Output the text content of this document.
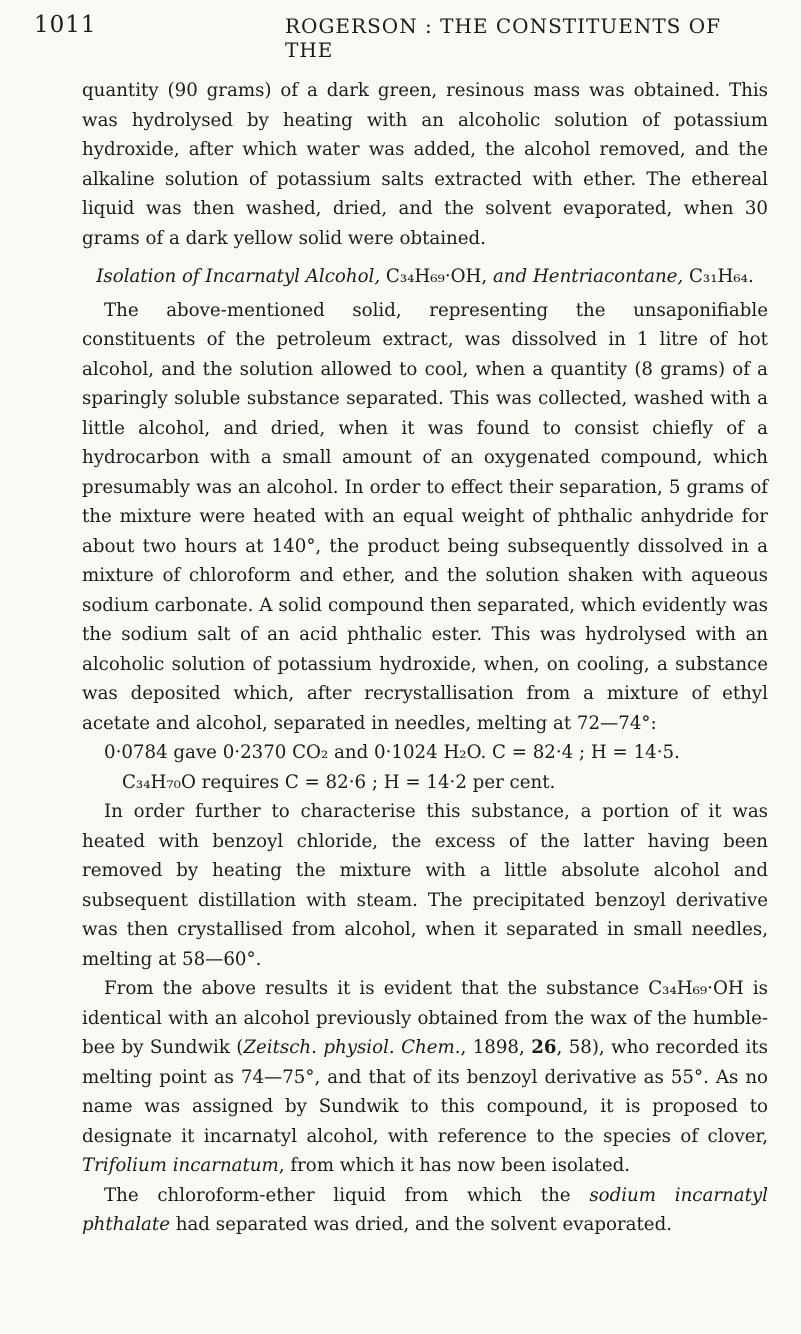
1011	ROGERSON : THE CONSTITUENTS OF THE

quantity (90 grams) of a dark green, resinous mass was obtained. This was hydrolysed by heating with an alcoholic solution of potassium hydroxide, after which water was added, the alcohol removed, and the alkaline solution of potassium salts extracted with ether. The ethereal liquid was then washed, dried, and the solvent evaporated, when 30 grams of a dark yellow solid were obtained.

Isolation of Incarnatyl Alcohol, C₃₄H₆₉·OH, and Hentriacontane, C₃₁H₆₄.

The above-mentioned solid, representing the unsaponifiable constituents of the petroleum extract, was dissolved in 1 litre of hot alcohol, and the solution allowed to cool, when a quantity (8 grams) of a sparingly soluble substance separated. This was collected, washed with a little alcohol, and dried, when it was found to consist chiefly of a hydrocarbon with a small amount of an oxygenated compound, which presumably was an alcohol. In order to effect their separation, 5 grams of the mixture were heated with an equal weight of phthalic anhydride for about two hours at 140°, the product being subsequently dissolved in a mixture of chloroform and ether, and the solution shaken with aqueous sodium carbonate. A solid compound then separated, which evidently was the sodium salt of an acid phthalic ester. This was hydrolysed with an alcoholic solution of potassium hydroxide, when, on cooling, a substance was deposited which, after recrystallisation from a mixture of ethyl acetate and alcohol, separated in needles, melting at 72—74°:

0·0784 gave 0·2370 CO₂ and 0·1024 H₂O. C = 82·4 ; H = 14·5.

C₃₄H₇₀O requires C = 82·6 ; H = 14·2 per cent.

In order further to characterise this substance, a portion of it was heated with benzoyl chloride, the excess of the latter having been removed by heating the mixture with a little absolute alcohol and subsequent distillation with steam. The precipitated benzoyl derivative was then crystallised from alcohol, when it separated in small needles, melting at 58—60°.

From the above results it is evident that the substance C₃₄H₆₉·OH is identical with an alcohol previously obtained from the wax of the humble-bee by Sundwik (Zeitsch. physiol. Chem., 1898, 26, 58), who recorded its melting point as 74—75°, and that of its benzoyl derivative as 55°. As no name was assigned by Sundwik to this compound, it is proposed to designate it incarnatyl alcohol, with reference to the species of clover, Trifolium incarnatum, from which it has now been isolated.

The chloroform-ether liquid from which the sodium incarnatyl phthalate had separated was dried, and the solvent evaporated.
